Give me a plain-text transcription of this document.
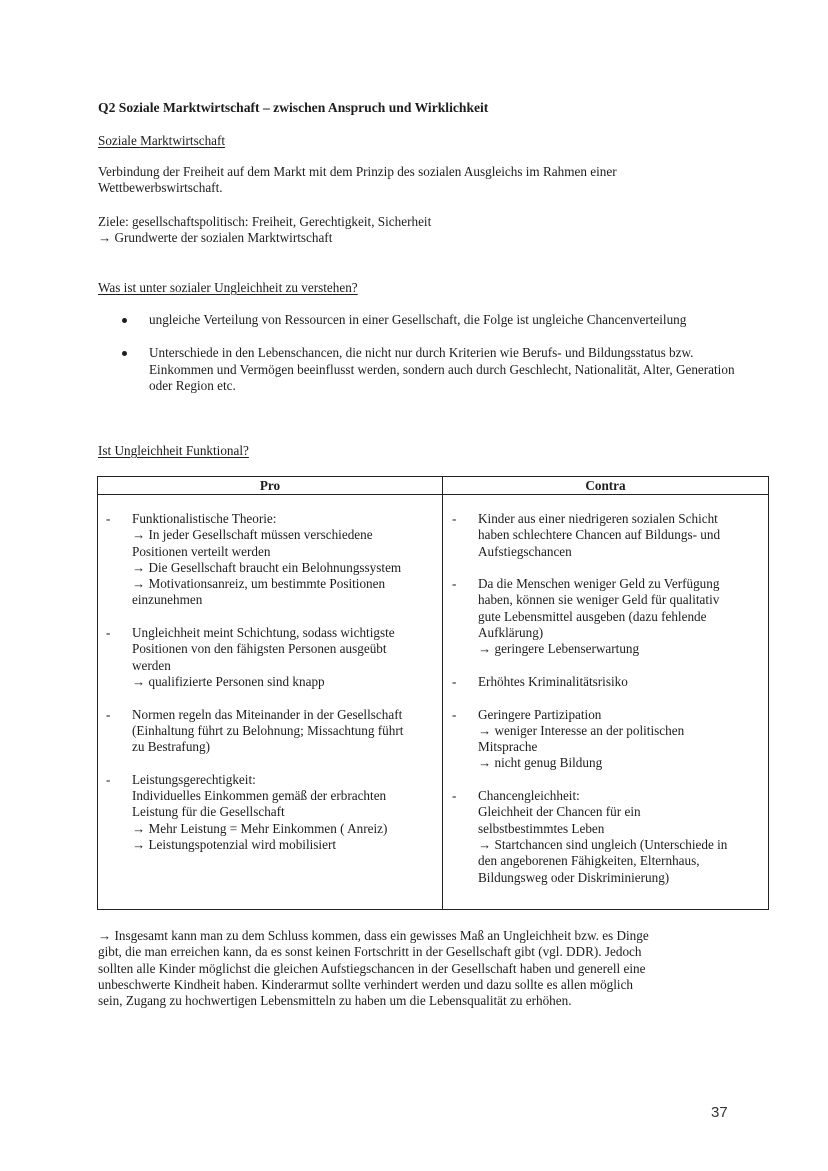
Q2 Soziale Marktwirtschaft – zwischen Anspruch und Wirklichkeit
Soziale Marktwirtschaft
Verbindung der Freiheit auf dem Markt mit dem Prinzip des sozialen Ausgleichs im Rahmen einer Wettbewerbswirtschaft.
Ziele: gesellschaftspolitisch: Freiheit, Gerechtigkeit, Sicherheit
→ Grundwerte der sozialen Marktwirtschaft
Was ist unter sozialer Ungleichheit zu verstehen?
ungleiche Verteilung von Ressourcen in einer Gesellschaft, die Folge ist ungleiche Chancenverteilung
Unterschiede in den Lebenschancen, die nicht nur durch Kriterien wie Berufs- und Bildungsstatus bzw. Einkommen und Vermögen beeinflusst werden, sondern auch durch Geschlecht, Nationalität, Alter, Generation oder Region etc.
Ist Ungleichheit Funktional?
Pro	Contra
- Funktionalistische Theorie:
→ In jeder Gesellschaft müssen verschiedene
Positionen verteilt werden
→ Die Gesellschaft braucht ein Belohnungssystem
→ Motivationsanreiz, um bestimmte Positionen
einzunehmen
- Ungleichheit meint Schichtung, sodass wichtigste
Positionen von den fähigsten Personen ausgeübt
werden
→ qualifizierte Personen sind knapp
- Normen regeln das Miteinander in der Gesellschaft
(Einhaltung führt zu Belohnung; Missachtung führt
zu Bestrafung)
- Leistungsgerechtigkeit:
Individuelles Einkommen gemäß der erbrachten
Leistung für die Gesellschaft
→ Mehr Leistung = Mehr Einkommen ( Anreiz)
→ Leistungspotenzial wird mobilisiert
- Kinder aus einer niedrigeren sozialen Schicht
haben schlechtere Chancen auf Bildungs- und
Aufstiegschancen
- Da die Menschen weniger Geld zu Verfügung
haben, können sie weniger Geld für qualitativ
gute Lebensmittel ausgeben (dazu fehlende
Aufklärung)
→ geringere Lebenserwartung
- Erhöhtes Kriminalitätsrisiko
- Geringere Partizipation
→ weniger Interesse an der politischen
Mitsprache
→ nicht genug Bildung
- Chancengleichheit:
Gleichheit der Chancen für ein
selbstbestimmtes Leben
→ Startchancen sind ungleich (Unterschiede in
den angeborenen Fähigkeiten, Elternhaus,
Bildungsweg oder Diskriminierung)
→ Insgesamt kann man zu dem Schluss kommen, dass ein gewisses Maß an Ungleichheit bzw. es Dinge
gibt, die man erreichen kann, da es sonst keinen Fortschritt in der Gesellschaft gibt (vgl. DDR). Jedoch
sollten alle Kinder möglichst die gleichen Aufstiegschancen in der Gesellschaft haben und generell eine
unbeschwerte Kindheit haben. Kinderarmut sollte verhindert werden und dazu sollte es allen möglich
sein, Zugang zu hochwertigen Lebensmitteln zu haben um die Lebensqualität zu erhöhen.
37
